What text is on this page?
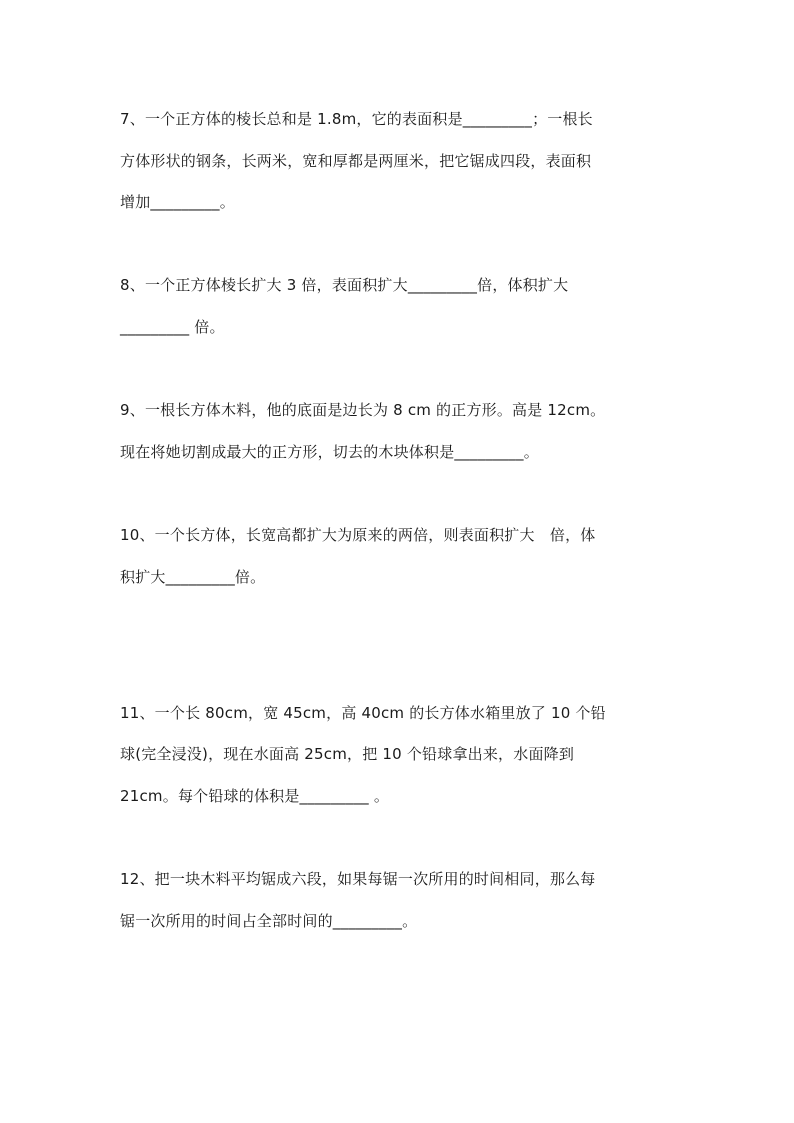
7、一个正方体的棱长总和是 1.8m，它的表面积是_________；一根长
方体形状的钢条，长两米，宽和厚都是两厘米，把它锯成四段，表面积
增加_________。
8、一个正方体棱长扩大 3 倍，表面积扩大_________倍，体积扩大
_________ 倍。
9、一根长方体木料，他的底面是边长为 8 cm 的正方形。高是 12cm。
现在将她切割成最大的正方形，切去的木块体积是_________。
10、一个长方体，长宽高都扩大为原来的两倍，则表面积扩大　倍，体
积扩大_________倍。
11、一个长 80cm，宽 45cm，高 40cm 的长方体水箱里放了 10 个铅
球(完全浸没)，现在水面高 25cm，把 10 个铅球拿出来，水面降到
21cm。每个铅球的体积是_________ 。
12、把一块木料平均锯成六段，如果每锯一次所用的时间相同，那么每
锯一次所用的时间占全部时间的_________。
